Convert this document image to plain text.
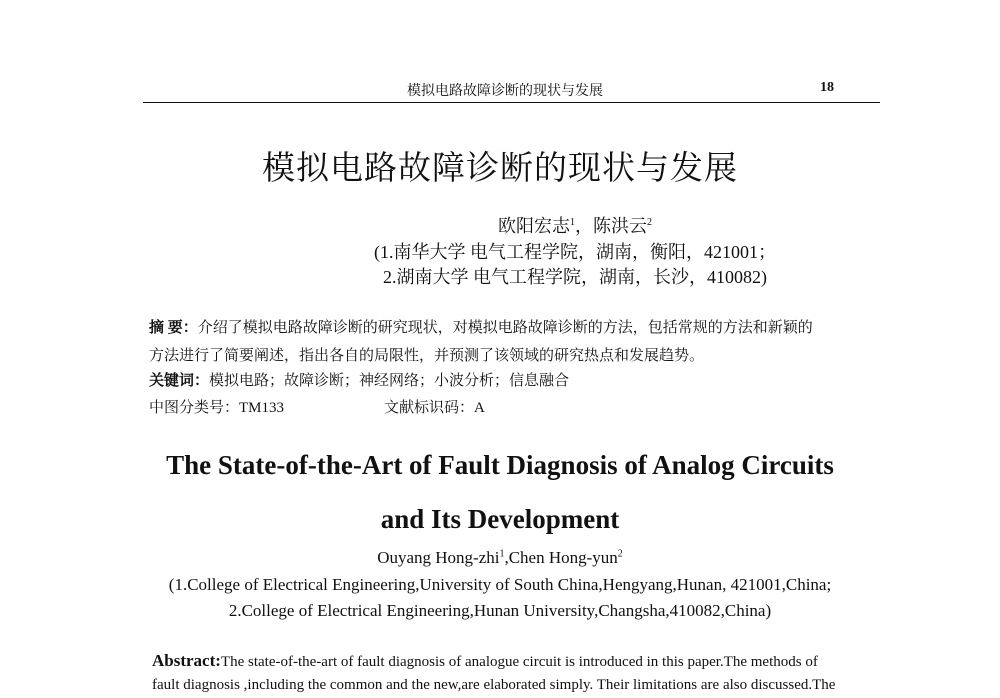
模拟电路故障诊断的现状与发展	18
模拟电路故障诊断的现状与发展
欧阳宏志$^1$，陈洪云$^2$
(1.南华大学 电气工程学院，湖南，衡阳，421001；
2.湖南大学 电气工程学院，湖南，长沙，410082)
摘 要：介绍了模拟电路故障诊断的研究现状，对模拟电路故障诊断的方法，包括常规的方法和新颖的
方法进行了简要阐述，指出各自的局限性，并预测了该领域的研究热点和发展趋势。
关键词：模拟电路；故障诊断；神经网络；小波分析；信息融合
中图分类号：TM133	文献标识码：A
The State-of-the-Art of Fault Diagnosis of Analog Circuits
and Its Development
Ouyang Hong-zhi$^1$,Chen Hong-yun$^2$
(1.College of Electrical Engineering,University of South China,Hengyang,Hunan, 421001,China;
2.College of Electrical Engineering,Hunan University,Changsha,410082,China)
Abstract:The state-of-the-art of fault diagnosis of analogue circuit is introduced in this paper.The methods of
fault diagnosis ,including the common and the new,are elaborated simply. Their limitations are also discussed.The
